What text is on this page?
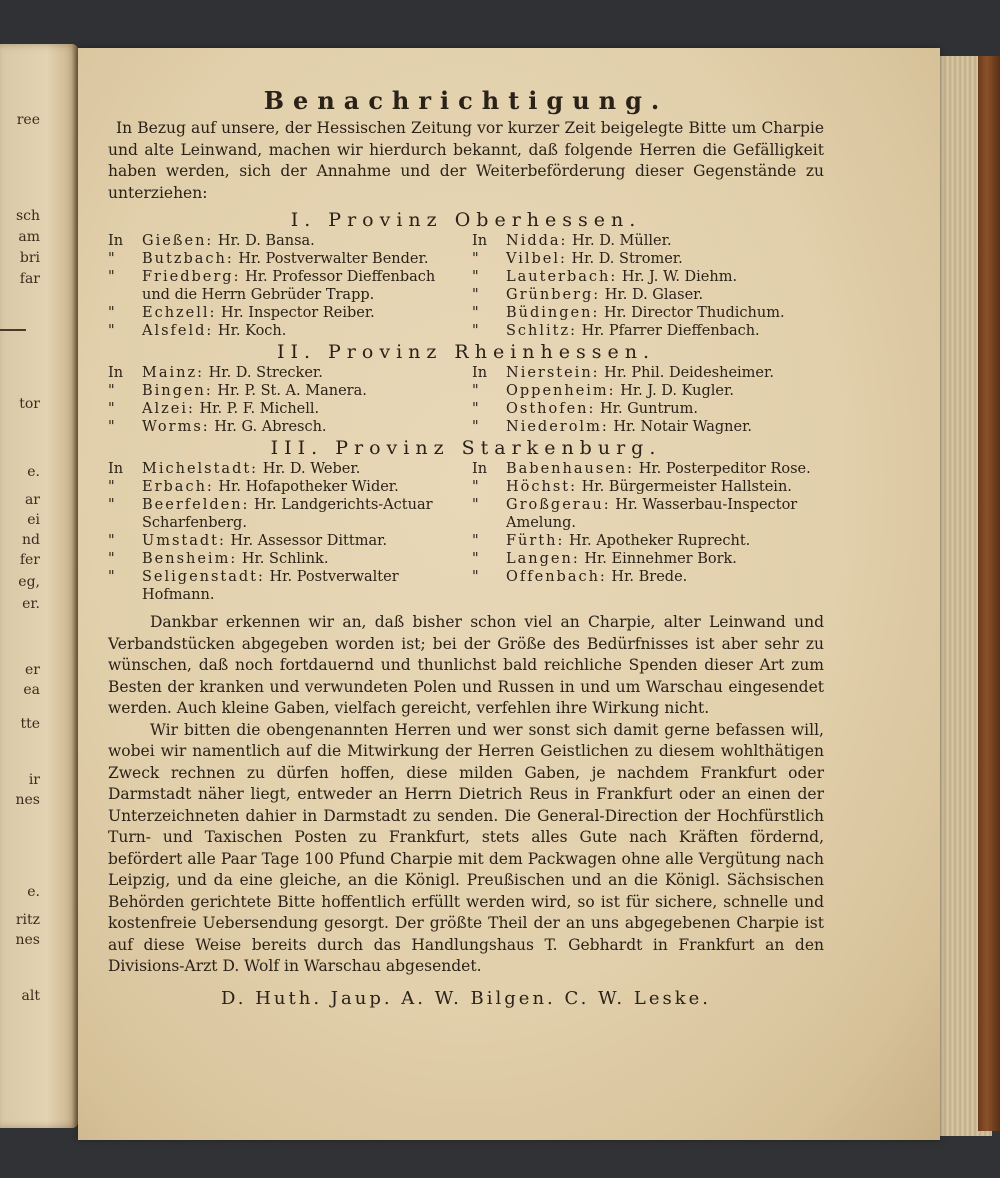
ree
sch
am
bri
far
tor
e.
ar
ei
nd
fer
eg,
er.
er
ea
tte
ir
nes
e.
ritz
nes
alt
Benachrichtigung.

In Bezug auf unsere, der Hessischen Zeitung vor kurzer Zeit beigelegte Bitte um Charpie und alte Leinwand, machen wir hierdurch bekannt, daß folgende Herren die Gefälligkeit haben werden, sich der Annahme und der Weiterbeförderung dieser Gegenstände zu unterziehen:

I. Provinz Oberhessen.
In	Gießen: Hr. D. Bansa.
"	Butzbach: Hr. Postverwalter Bender.
"	Friedberg: Hr. Professor Dieffenbach und die Herrn Gebrüder Trapp.
"	Echzell: Hr. Inspector Reiber.
"	Alsfeld: Hr. Koch.
In	Nidda: Hr. D. Müller.
"	Vilbel: Hr. D. Stromer.
"	Lauterbach: Hr. J. W. Diehm.
"	Grünberg: Hr. D. Glaser.
"	Büdingen: Hr. Director Thudichum.
"	Schlitz: Hr. Pfarrer Dieffenbach.
II. Provinz Rheinhessen.
In	Mainz: Hr. D. Strecker.
"	Bingen: Hr. P. St. A. Manera.
"	Alzei: Hr. P. F. Michell.
"	Worms: Hr. G. Abresch.
In	Nierstein: Hr. Phil. Deidesheimer.
"	Oppenheim: Hr. J. D. Kugler.
"	Osthofen: Hr. Guntrum.
"	Niederolm: Hr. Notair Wagner.
III. Provinz Starkenburg.
In	Michelstadt: Hr. D. Weber.
"	Erbach: Hr. Hofapotheker Wider.
"	Beerfelden: Hr. Landgerichts-Actuar Scharfenberg.
"	Umstadt: Hr. Assessor Dittmar.
"	Bensheim: Hr. Schlink.
"	Seligenstadt: Hr. Postverwalter Hofmann.
In	Babenhausen: Hr. Posterpeditor Rose.
"	Höchst: Hr. Bürgermeister Hallstein.
"	Großgerau: Hr. Wasserbau-Inspector Amelung.
"	Fürth: Hr. Apotheker Ruprecht.
"	Langen: Hr. Einnehmer Bork.
"	Offenbach: Hr. Brede.

Dankbar erkennen wir an, daß bisher schon viel an Charpie, alter Leinwand und Verbandstücken abgegeben worden ist; bei der Größe des Bedürfnisses ist aber sehr zu wünschen, daß noch fortdauernd und thunlichst bald reichliche Spenden dieser Art zum Besten der kranken und verwundeten Polen und Russen in und um Warschau eingesendet werden. Auch kleine Gaben, vielfach gereicht, verfehlen ihre Wirkung nicht.

Wir bitten die obengenannten Herren und wer sonst sich damit gerne befassen will, wobei wir namentlich auf die Mitwirkung der Herren Geistlichen zu diesem wohlthätigen Zweck rechnen zu dürfen hoffen, diese milden Gaben, je nachdem Frankfurt oder Darmstadt näher liegt, entweder an Herrn Dietrich Reus in Frankfurt oder an einen der Unterzeichneten dahier in Darmstadt zu senden. Die General-Direction der Hochfürstlich Turn- und Taxischen Posten zu Frankfurt, stets alles Gute nach Kräften fördernd, befördert alle Paar Tage 100 Pfund Charpie mit dem Packwagen ohne alle Vergütung nach Leipzig, und da eine gleiche, an die Königl. Preußischen und an die Königl. Sächsischen Behörden gerichtete Bitte hoffentlich erfüllt werden wird, so ist für sichere, schnelle und kostenfreie Uebersendung gesorgt. Der größte Theil der an uns abgegebenen Charpie ist auf diese Weise bereits durch das Handlungshaus T. Gebhardt in Frankfurt an den Divisions-Arzt D. Wolf in Warschau abgesendet.

D. Huth. Jaup. A. W. Bilgen. C. W. Leske.
